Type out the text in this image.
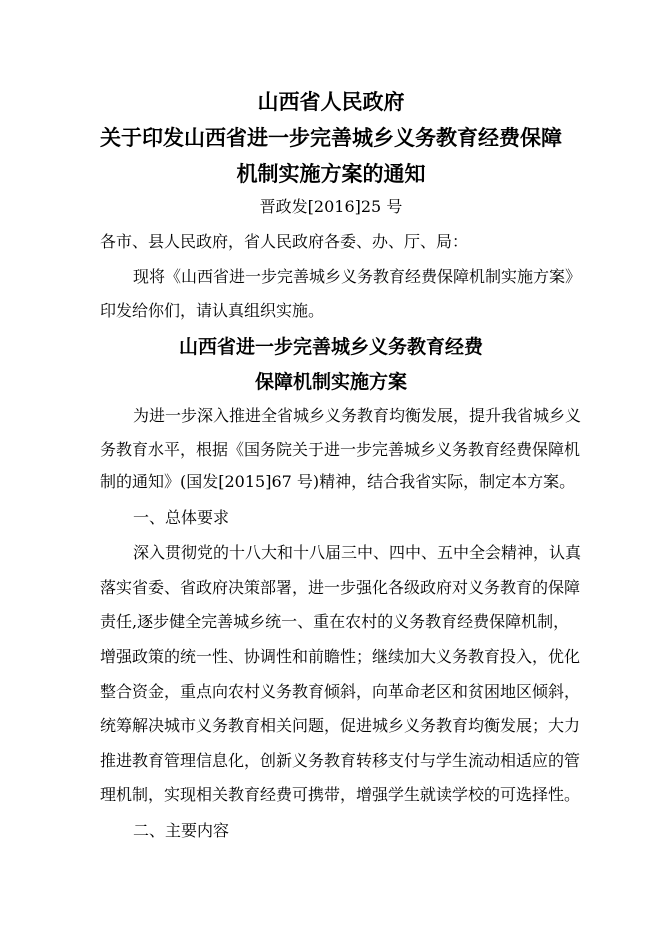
山西省人民政府
关于印发山西省进一步完善城乡义务教育经费保障
机制实施方案的通知
晋政发[2016]25 号
各市、县人民政府，省人民政府各委、办、厅、局：
现将《山西省进一步完善城乡义务教育经费保障机制实施方案》
印发给你们，请认真组织实施。
山西省进一步完善城乡义务教育经费
保障机制实施方案
为进一步深入推进全省城乡义务教育均衡发展，提升我省城乡义
务教育水平，根据《国务院关于进一步完善城乡义务教育经费保障机
制的通知》(国发[2015]67 号)精神，结合我省实际，制定本方案。
一、总体要求
深入贯彻党的十八大和十八届三中、四中、五中全会精神，认真
落实省委、省政府决策部署，进一步强化各级政府对义务教育的保障
责任,逐步健全完善城乡统一、重在农村的义务教育经费保障机制，
增强政策的统一性、协调性和前瞻性；继续加大义务教育投入，优化
整合资金，重点向农村义务教育倾斜，向革命老区和贫困地区倾斜，
统筹解决城市义务教育相关问题，促进城乡义务教育均衡发展；大力
推进教育管理信息化，创新义务教育转移支付与学生流动相适应的管
理机制，实现相关教育经费可携带，增强学生就读学校的可选择性。
二、主要内容
